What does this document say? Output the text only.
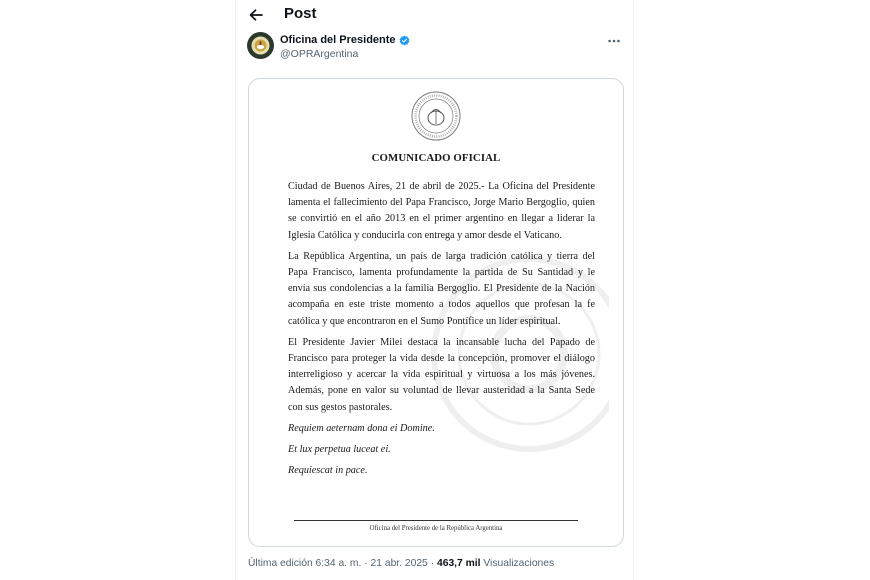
Post
Oficina del Presidente
@OPRArgentina
COMUNICADO OFICIAL

Ciudad de Buenos Aires, 21 de abril de 2025.- La Oficina del Presidente lamenta el fallecimiento del Papa Francisco, Jorge Mario Bergoglio, quien se convirtió en el año 2013 en el primer argentino en llegar a liderar la Iglesia Católica y conducirla con entrega y amor desde el Vaticano.

La República Argentina, un país de larga tradición católica y tierra del Papa Francisco, lamenta profundamente la partida de Su Santidad y le envía sus condolencias a la familia Bergoglio. El Presidente de la Nación acompaña en este triste momento a todos aquellos que profesan la fe católica y que encontraron en el Sumo Pontífice un líder espiritual.

El Presidente Javier Milei destaca la incansable lucha del Papado de Francisco para proteger la vida desde la concepción, promover el diálogo interreligioso y acercar la vida espiritual y virtuosa a los más jóvenes. Además, pone en valor su voluntad de llevar austeridad a la Santa Sede con sus gestos pastorales.

Requiem aeternam dona ei Domine.

Et lux perpetua luceat ei.

Requiescat in pace.

Oficina del Presidente de la República Argentina
Última edición 6:34 a. m. · 21 abr. 2025 · 463,7 mil Visualizaciones
